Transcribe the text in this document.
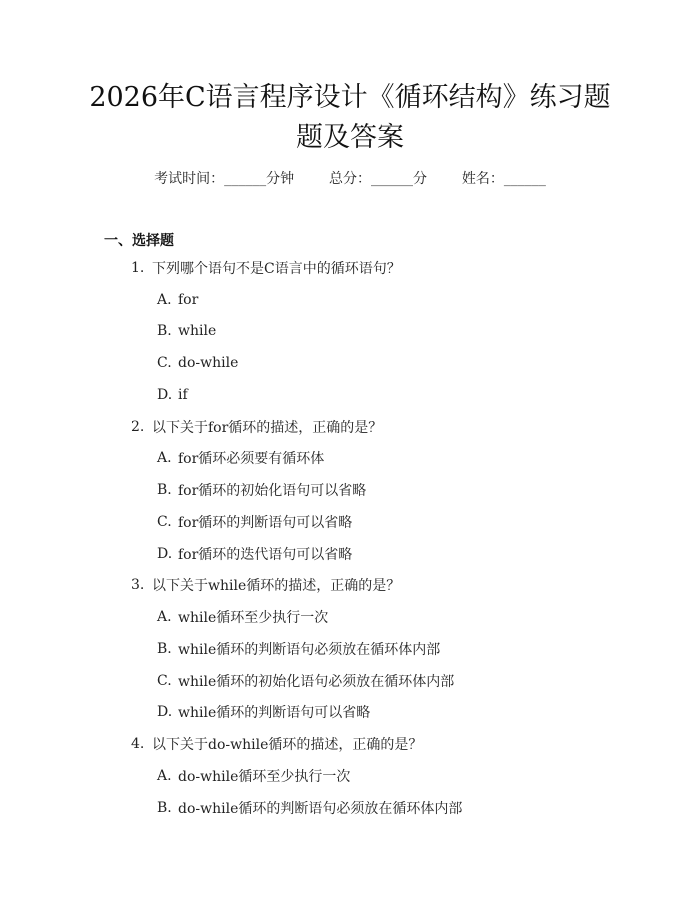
2026年C语言程序设计《循环结构》练习题
题及答案
考试时间：______分钟 总分：______分 姓名：______
一、选择题
1. 下列哪个语句不是C语言中的循环语句？
A. for
B. while
C. do-while
D. if
2. 以下关于for循环的描述，正确的是？
A. for循环必须要有循环体
B. for循环的初始化语句可以省略
C. for循环的判断语句可以省略
D. for循环的迭代语句可以省略
3. 以下关于while循环的描述，正确的是？
A. while循环至少执行一次
B. while循环的判断语句必须放在循环体内部
C. while循环的初始化语句必须放在循环体内部
D. while循环的判断语句可以省略
4. 以下关于do-while循环的描述，正确的是？
A. do-while循环至少执行一次
B. do-while循环的判断语句必须放在循环体内部
